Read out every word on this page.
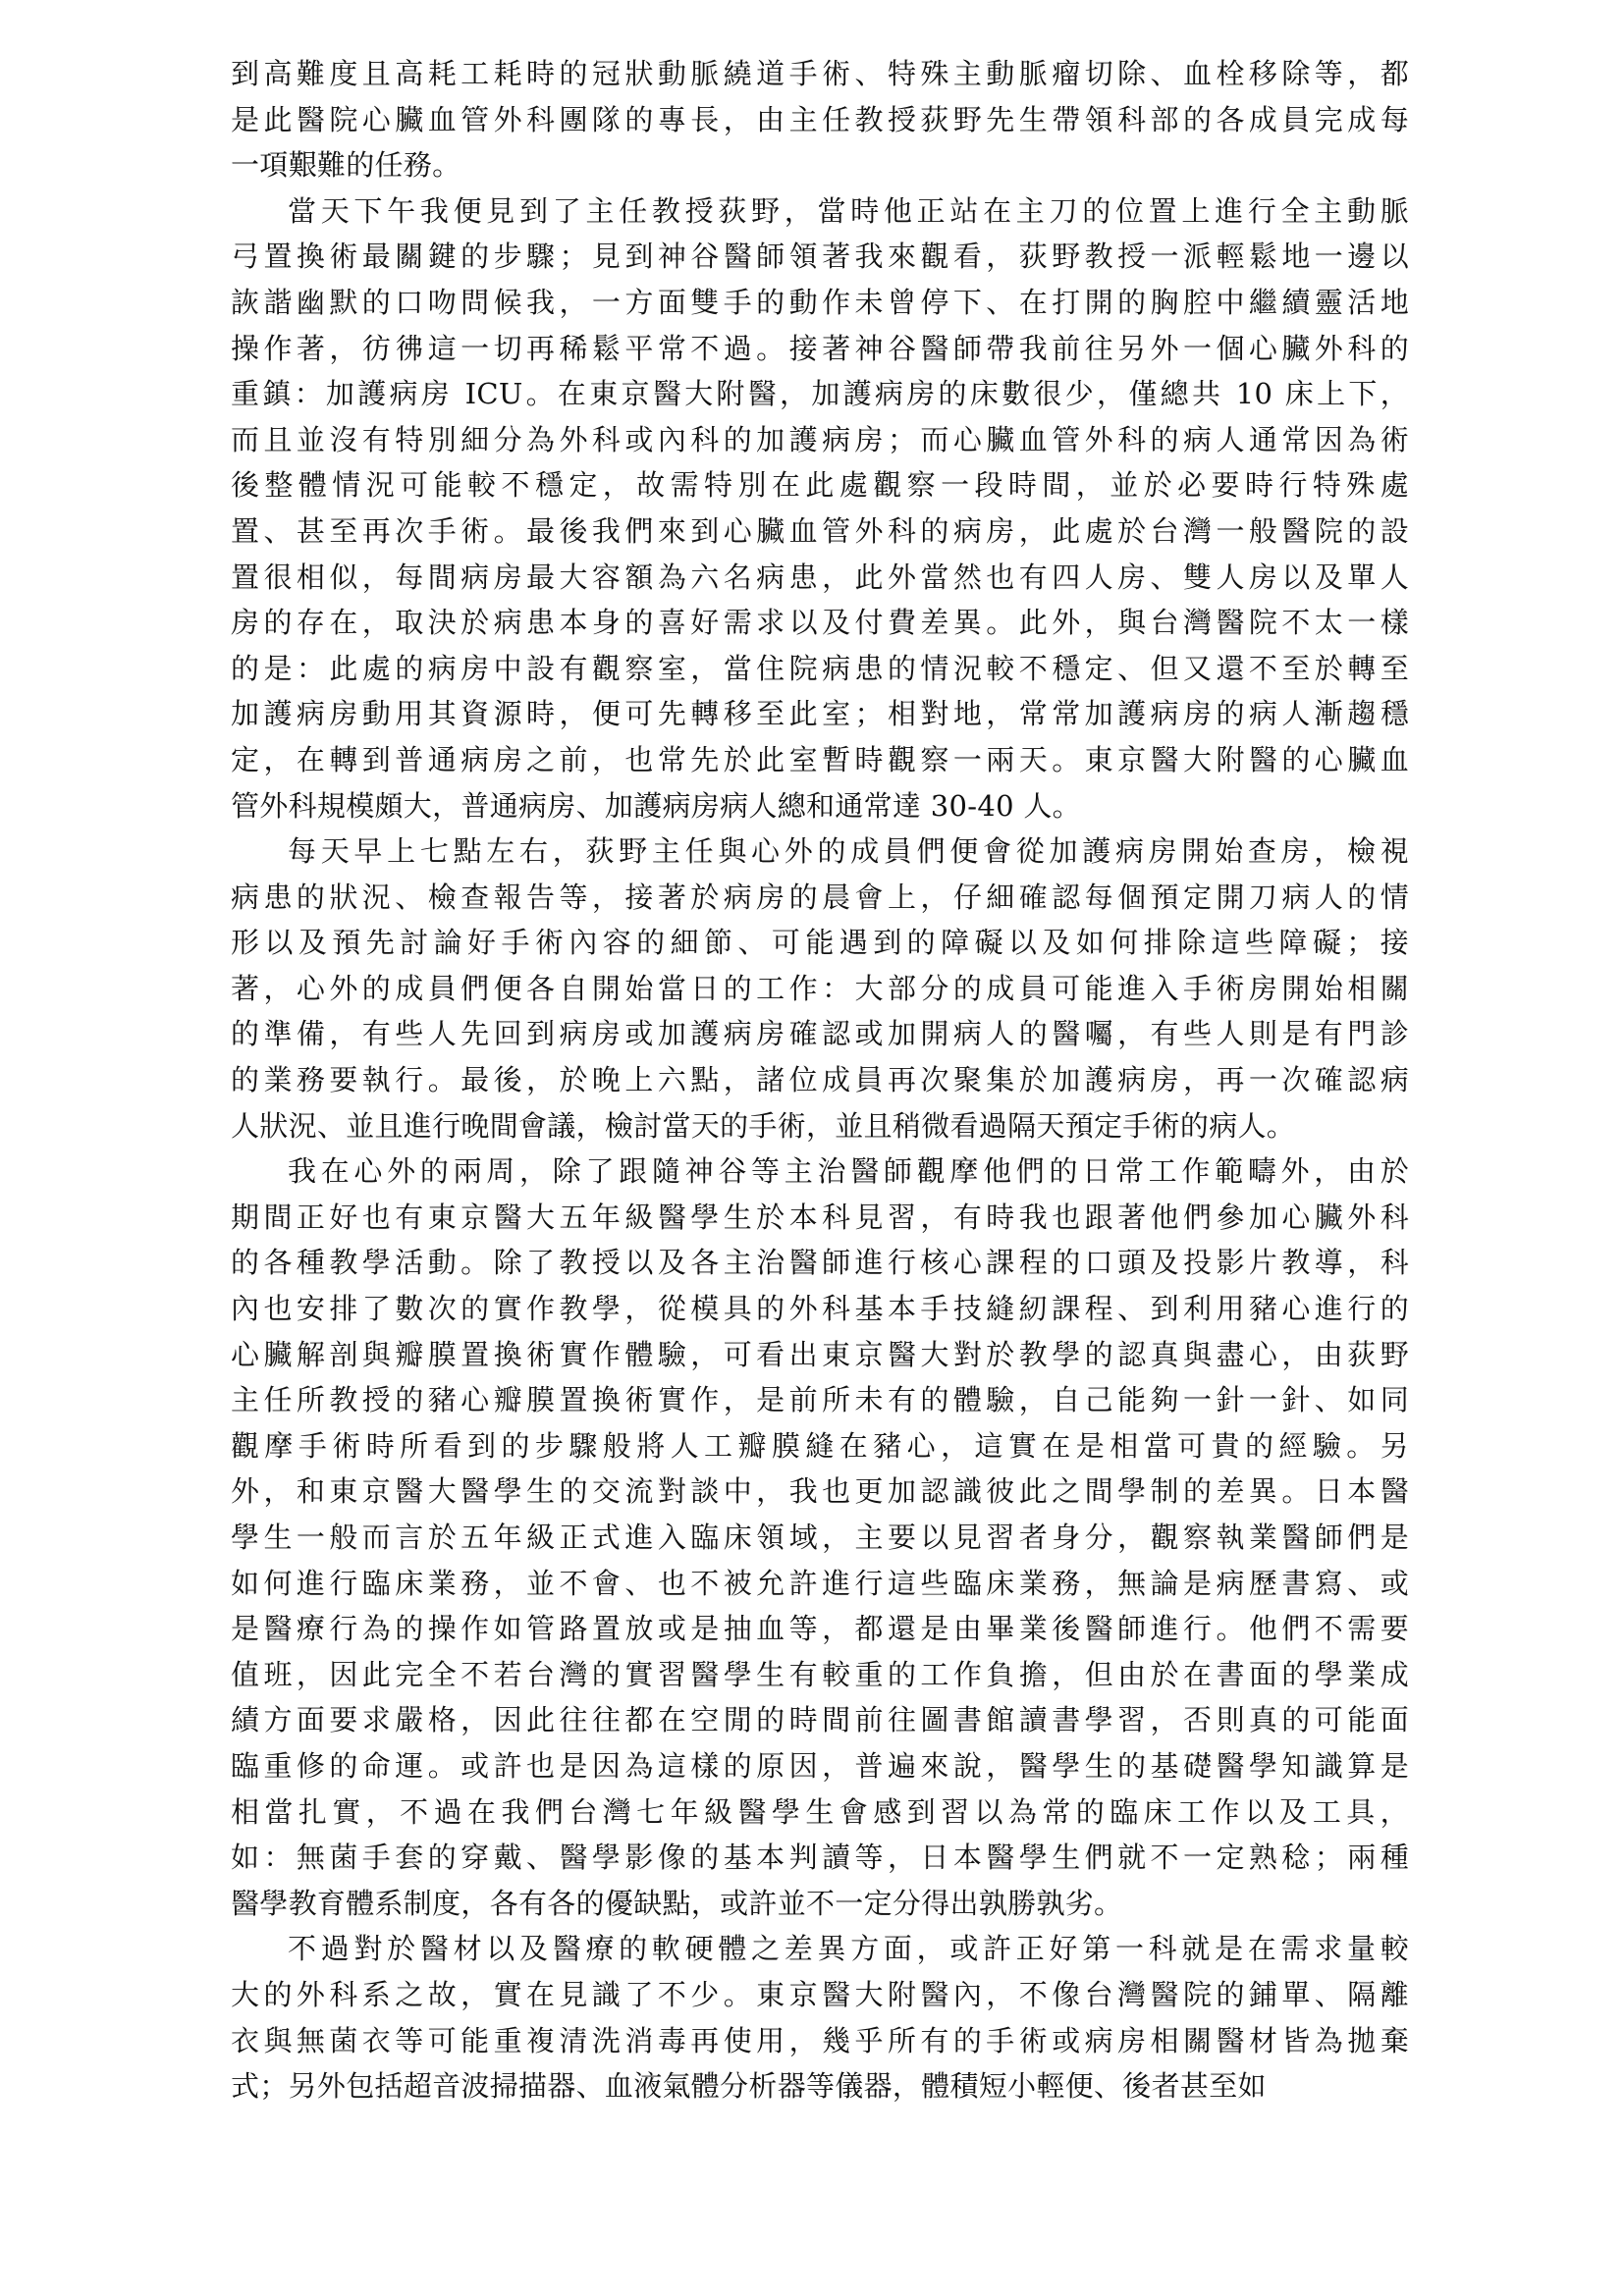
到高難度且高耗工耗時的冠狀動脈繞道手術、特殊主動脈瘤切除、血栓移除等，都
是此醫院心臟血管外科團隊的專長，由主任教授荻野先生帶領科部的各成員完成每
一項艱難的任務。

當天下午我便見到了主任教授荻野，當時他正站在主刀的位置上進行全主動脈
弓置換術最關鍵的步驟；見到神谷醫師領著我來觀看，荻野教授一派輕鬆地一邊以
詼諧幽默的口吻問候我，一方面雙手的動作未曾停下、在打開的胸腔中繼續靈活地
操作著，彷彿這一切再稀鬆平常不過。接著神谷醫師帶我前往另外一個心臟外科的
重鎮：加護病房 ICU。在東京醫大附醫，加護病房的床數很少，僅總共 10 床上下，
而且並沒有特別細分為外科或內科的加護病房；而心臟血管外科的病人通常因為術
後整體情況可能較不穩定，故需特別在此處觀察一段時間，並於必要時行特殊處
置、甚至再次手術。最後我們來到心臟血管外科的病房，此處於台灣一般醫院的設
置很相似，每間病房最大容額為六名病患，此外當然也有四人房、雙人房以及單人
房的存在，取決於病患本身的喜好需求以及付費差異。此外，與台灣醫院不太一樣
的是：此處的病房中設有觀察室，當住院病患的情況較不穩定、但又還不至於轉至
加護病房動用其資源時，便可先轉移至此室；相對地，常常加護病房的病人漸趨穩
定，在轉到普通病房之前，也常先於此室暫時觀察一兩天。東京醫大附醫的心臟血
管外科規模頗大，普通病房、加護病房病人總和通常達 30-40 人。

每天早上七點左右，荻野主任與心外的成員們便會從加護病房開始查房，檢視
病患的狀況、檢查報告等，接著於病房的晨會上，仔細確認每個預定開刀病人的情
形以及預先討論好手術內容的細節、可能遇到的障礙以及如何排除這些障礙；接
著，心外的成員們便各自開始當日的工作：大部分的成員可能進入手術房開始相關
的準備，有些人先回到病房或加護病房確認或加開病人的醫囑，有些人則是有門診
的業務要執行。最後，於晚上六點，諸位成員再次聚集於加護病房，再一次確認病
人狀況、並且進行晚間會議，檢討當天的手術，並且稍微看過隔天預定手術的病人。

我在心外的兩周，除了跟隨神谷等主治醫師觀摩他們的日常工作範疇外，由於
期間正好也有東京醫大五年級醫學生於本科見習，有時我也跟著他們參加心臟外科
的各種教學活動。除了教授以及各主治醫師進行核心課程的口頭及投影片教導，科
內也安排了數次的實作教學，從模具的外科基本手技縫紉課程、到利用豬心進行的
心臟解剖與瓣膜置換術實作體驗，可看出東京醫大對於教學的認真與盡心，由荻野
主任所教授的豬心瓣膜置換術實作，是前所未有的體驗，自己能夠一針一針、如同
觀摩手術時所看到的步驟般將人工瓣膜縫在豬心，這實在是相當可貴的經驗。另
外，和東京醫大醫學生的交流對談中，我也更加認識彼此之間學制的差異。日本醫
學生一般而言於五年級正式進入臨床領域，主要以見習者身分，觀察執業醫師們是
如何進行臨床業務，並不會、也不被允許進行這些臨床業務，無論是病歷書寫、或
是醫療行為的操作如管路置放或是抽血等，都還是由畢業後醫師進行。他們不需要
值班，因此完全不若台灣的實習醫學生有較重的工作負擔，但由於在書面的學業成
績方面要求嚴格，因此往往都在空閒的時間前往圖書館讀書學習，否則真的可能面
臨重修的命運。或許也是因為這樣的原因，普遍來說，醫學生的基礎醫學知識算是
相當扎實，不過在我們台灣七年級醫學生會感到習以為常的臨床工作以及工具，
如：無菌手套的穿戴、醫學影像的基本判讀等，日本醫學生們就不一定熟稔；兩種
醫學教育體系制度，各有各的優缺點，或許並不一定分得出孰勝孰劣。

不過對於醫材以及醫療的軟硬體之差異方面，或許正好第一科就是在需求量較
大的外科系之故，實在見識了不少。東京醫大附醫內，不像台灣醫院的鋪單、隔離
衣與無菌衣等可能重複清洗消毒再使用，幾乎所有的手術或病房相關醫材皆為拋棄
式；另外包括超音波掃描器、血液氣體分析器等儀器，體積短小輕便、後者甚至如
